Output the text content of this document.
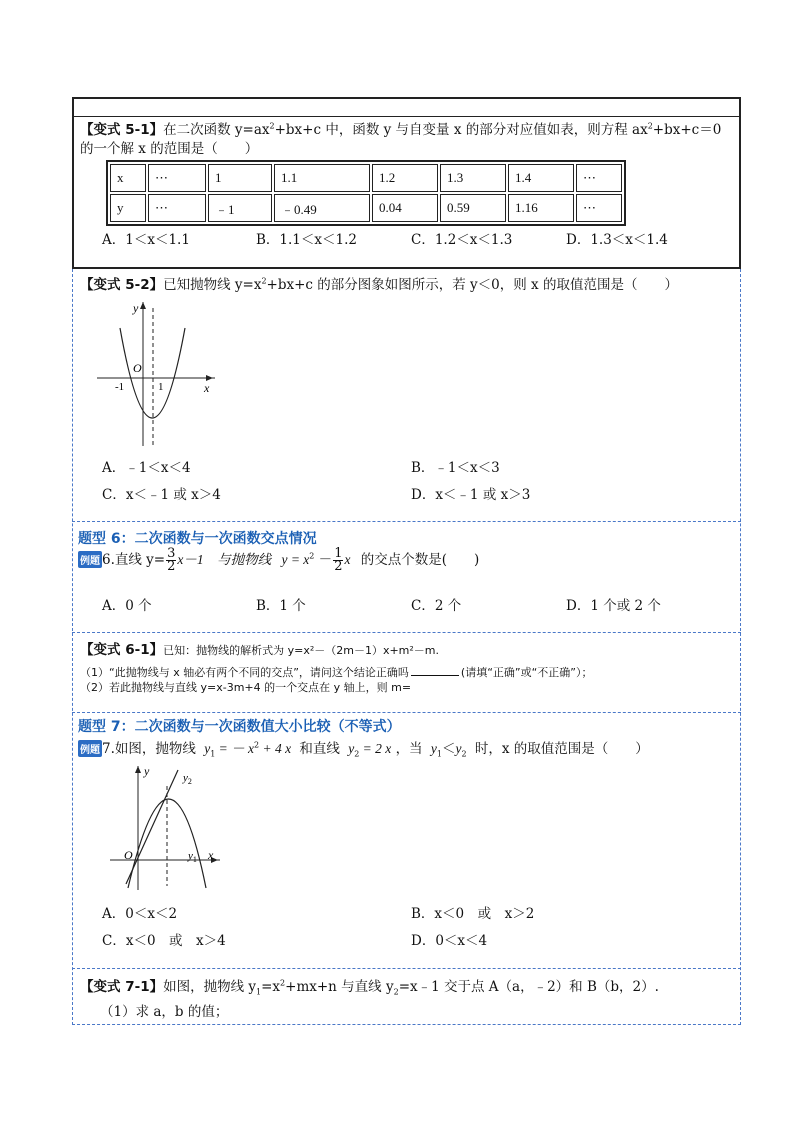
【变式 5-1】在二次函数 $y=ax^2+bx+c$ 中，函数 y 与自变量 x 的部分对应值如表，则方程 $ax^2+bx+c=0$
的一个解 x 的范围是（　　）
x	⋯	1	1.1	1.2	1.3	1.4	⋯
y	⋯	﹣1	﹣0.49	0.04	0.59	1.16	⋯
A．1＜x＜1.1	B．1.1＜x＜1.2	C．1.2＜x＜1.3	D．1.3＜x＜1.4
【变式 5-2】已知抛物线 $y=x^2+bx+c$ 的部分图象如图所示，若 y＜0，则 x 的取值范围是（　　）
y
x
O
-1	1
A．﹣1＜x＜4	B．﹣1＜x＜3
C．x＜﹣1 或 x＞4	D．x＜﹣1 或 x＞3
题型 6：二次函数与一次函数交点情况
例题 6.直线 $y= \frac{3}{2} x-1$　与抛物线 $y = x^2 - \frac{1}{2}$ x 的交点个数是(　　)
A．0 个	B．1 个	C．2 个	D．1 个或 2 个
【变式 6-1】已知：抛物线的解析式为 y=x²－（2m－1）x+m²－m.
（1）“此抛物线与 x 轴必有两个不同的交点”，请问这个结论正确吗	(请填“正确”或“不正确”）；
（2）若此抛物线与直线 y=x-3m+4 的一个交点在 y 轴上，则 m=
题型 7：二次函数与一次函数值大小比较（不等式）
例题 7.如图，抛物线 $y_1$ = － $x^2 + 4$ x 和直线 $y_2 = 2$ x ，当 $y_1<y_2$ 时，x 的取值范围是（　　）
y
x
O
$y_2$
$y_1$
A．0＜x＜2	B．x＜0　或　x＞2
C．x＜0　或　x＞4	D．0＜x＜4
【变式 7-1】如图，抛物线 $y_1=x^2+mx+n$ 与直线 $y_2=x﹣1$ 交于点 A（a，﹣2）和 B（b，2）.
（1）求 a，b 的值；
